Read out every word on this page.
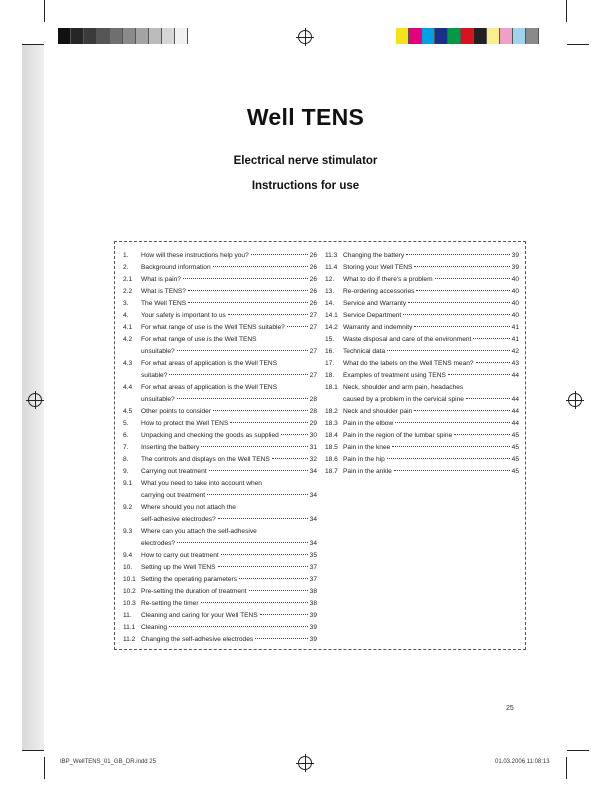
Well TENS
Electrical nerve stimulator
Instructions for use
1.	How will these instructions help you?	26
2.	Background information	26
2.1	What is pain?	26
2.2	What is TENS?	26
3.	The Well TENS	26
4.	Your safety is important to us	27
4.1	For what range of use is the Well TENS suitable?	27
4.2	For what range of use is the Well TENS
unsuitable?	27
4.3	For what areas of application is the Well TENS
suitable?	27
4.4	For what areas of application is the Well TENS
unsuitable?	28
4.5	Other points to consider	28
5.	How to protect the Well TENS	29
6.	Unpacking and checking the goods as supplied	30
7.	Inserting the battery	31
8.	The controls and displays on the Well TENS	32
9.	Carrying out treatment	34
9.1	What you need to take into account when
carrying out treatment	34
9.2	Where should you not attach the
self-adhesive electrodes?	34
9.3	Where can you attach the self-adhesive
electrodes?	34
9.4	How to carry out treatment	35
10.	Setting up the Well TENS	37
10.1 Setting the operating parameters	37
10.2 Pre-setting the duration of treatment	38
10.3 Re-setting the timer	38
11.	Cleaning and caring for your Well TENS	39
11.1 Cleaning	39
11.2 Changing the self-adhesive electrodes	39
11.3 Changing the battery	39
11.4 Storing your Well TENS	39
12.	What to do if there's a problem	40
13.	Re-ordering accessories	40
14.	Service and Warranty	40
14.1 Service Department	40
14.2 Warranty and indemnity	41
15.	Waste disposal and care of the environment	41
16.	Technical data	42
17.	What do the labels on the Well TENS mean?	43
18.	Examples of treatment using TENS	44
18.1 Neck, shoulder and arm pain, headaches
caused by a problem in the cervical spine	44
18.2 Neck and shoulder pain	44
18.3 Pain in the elbow	44
18.4 Pain in the region of the lumbar spine	45
18.5 Pain in the knee	45
18.6 Pain in the hip	45
18.7 Pain in the ankle	45
25
IBP_WellTENS_01_GB_DR.indd 25	01.03.2006 11:08:13
